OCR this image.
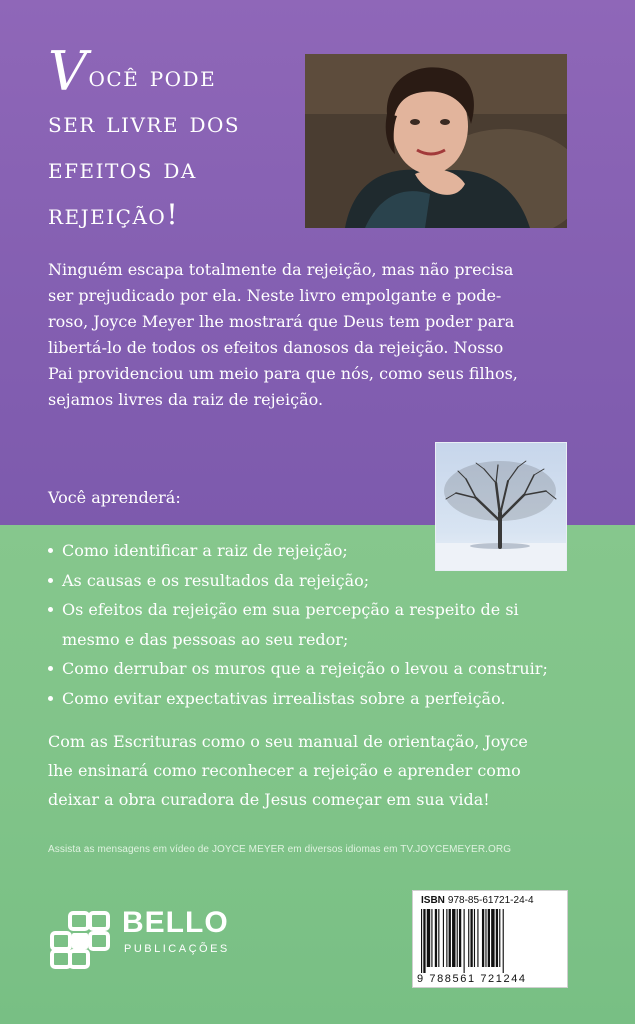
Você pode
ser livre dos
efeitos da
rejeição!
Ninguém escapa totalmente da rejeição, mas não precisa
ser prejudicado por ela. Neste livro empolgante e pode-
roso, Joyce Meyer lhe mostrará que Deus tem poder para
libertá-lo de todos os efeitos danosos da rejeição. Nosso
Pai providenciou um meio para que nós, como seus filhos,
sejamos livres da raiz de rejeição.
Você aprenderá:
Como identificar a raiz de rejeição;
As causas e os resultados da rejeição;
Os efeitos da rejeição em sua percepção a respeito de si
mesmo e das pessoas ao seu redor;
Como derrubar os muros que a rejeição o levou a construir;
Como evitar expectativas irrealistas sobre a perfeição.
Com as Escrituras como o seu manual de orientação, Joyce
lhe ensinará como reconhecer a rejeição e aprender como
deixar a obra curadora de Jesus começar em sua vida!
Assista as mensagens em vídeo de JOYCE MEYER em diversos idiomas em TV.JOYCEMEYER.ORG
BELLO
PUBLICAÇÕES
ISBN 978-85-61721-24-4
9 788561 721244
